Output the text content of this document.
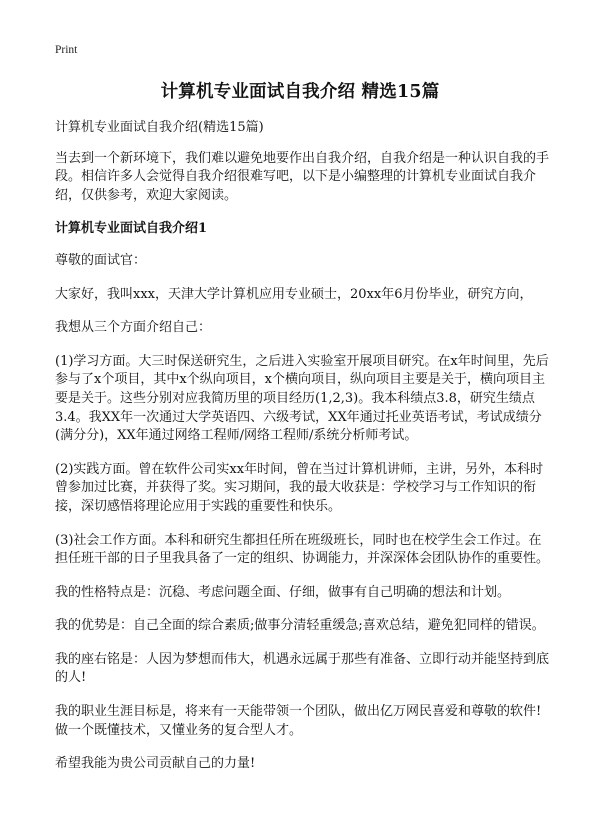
Print
计算机专业面试自我介绍 精选15篇

计算机专业面试自我介绍(精选15篇)

当去到一个新环境下，我们难以避免地要作出自我介绍，自我介绍是一种认识自我的手段。相信许多人会觉得自我介绍很难写吧，以下是小编整理的计算机专业面试自我介绍，仅供参考，欢迎大家阅读。

计算机专业面试自我介绍1

尊敬的面试官：

大家好，我叫xxx，天津大学计算机应用专业硕士，20xx年6月份毕业，研究方向，

我想从三个方面介绍自己：

(1)学习方面。大三时保送研究生，之后进入实验室开展项目研究。在x年时间里，先后参与了x个项目，其中x个纵向项目，x个横向项目，纵向项目主要是关于，横向项目主要是关于。这些分别对应我简历里的项目经历(1,2,3)。我本科绩点3.8，研究生绩点3.4。我XX年一次通过大学英语四、六级考试，XX年通过托业英语考试，考试成绩分(满分分)，XX年通过网络工程师/网络工程师/系统分析师考试。

(2)实践方面。曾在软件公司实xx年时间，曾在当过计算机讲师，主讲，另外，本科时曾参加过比赛，并获得了奖。实习期间，我的最大收获是：学校学习与工作知识的衔接，深切感悟将理论应用于实践的重要性和快乐。

(3)社会工作方面。本科和研究生都担任所在班级班长，同时也在校学生会工作过。在担任班干部的日子里我具备了一定的组织、协调能力，并深深体会团队协作的重要性。

我的性格特点是：沉稳、考虑问题全面、仔细，做事有自己明确的想法和计划。

我的优势是：自己全面的综合素质;做事分清轻重缓急;喜欢总结，避免犯同样的错误。

我的座右铭是：人因为梦想而伟大，机遇永远属于那些有准备、立即行动并能坚持到底的人!

我的职业生涯目标是，将来有一天能带领一个团队，做出亿万网民喜爱和尊敬的软件!做一个既懂技术，又懂业务的复合型人才。

希望我能为贵公司贡献自己的力量!
